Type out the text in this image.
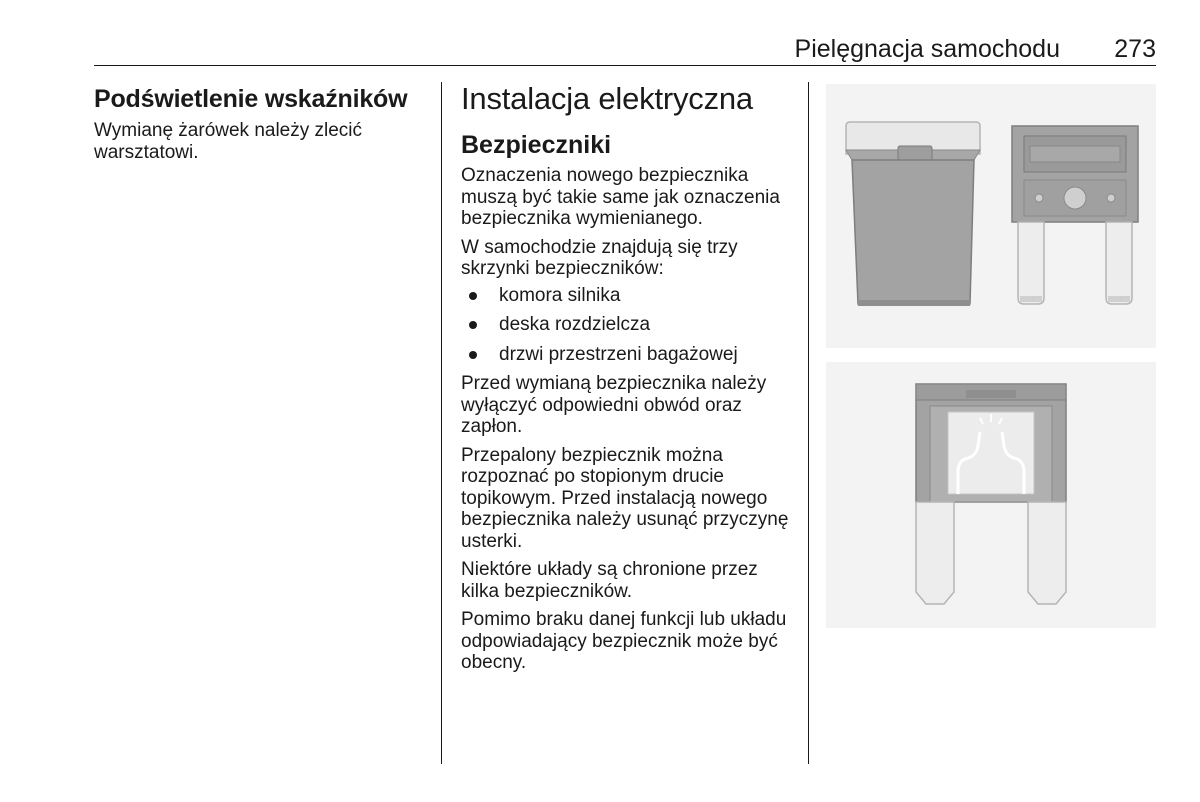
Pielęgnacja samochodu 273
Podświetlenie wskaźników

Wymianę żarówek należy zlecić warsztatowi.

Instalacja elektryczna
Bezpieczniki

Oznaczenia nowego bezpiecznika muszą być takie same jak oznaczenia bezpiecznika wymienianego.

W samochodzie znajdują się trzy skrzynki bezpieczników:

komora silnika
deska rozdzielcza
drzwi przestrzeni bagażowej

Przed wymianą bezpiecznika należy wyłączyć odpowiedni obwód oraz zapłon.

Przepalony bezpiecznik można rozpoznać po stopionym drucie topikowym. Przed instalacją nowego bezpiecznika należy usunąć przyczynę usterki.

Niektóre układy są chronione przez kilka bezpieczników.

Pomimo braku danej funkcji lub układu odpowiadający bezpiecznik może być obecny.
